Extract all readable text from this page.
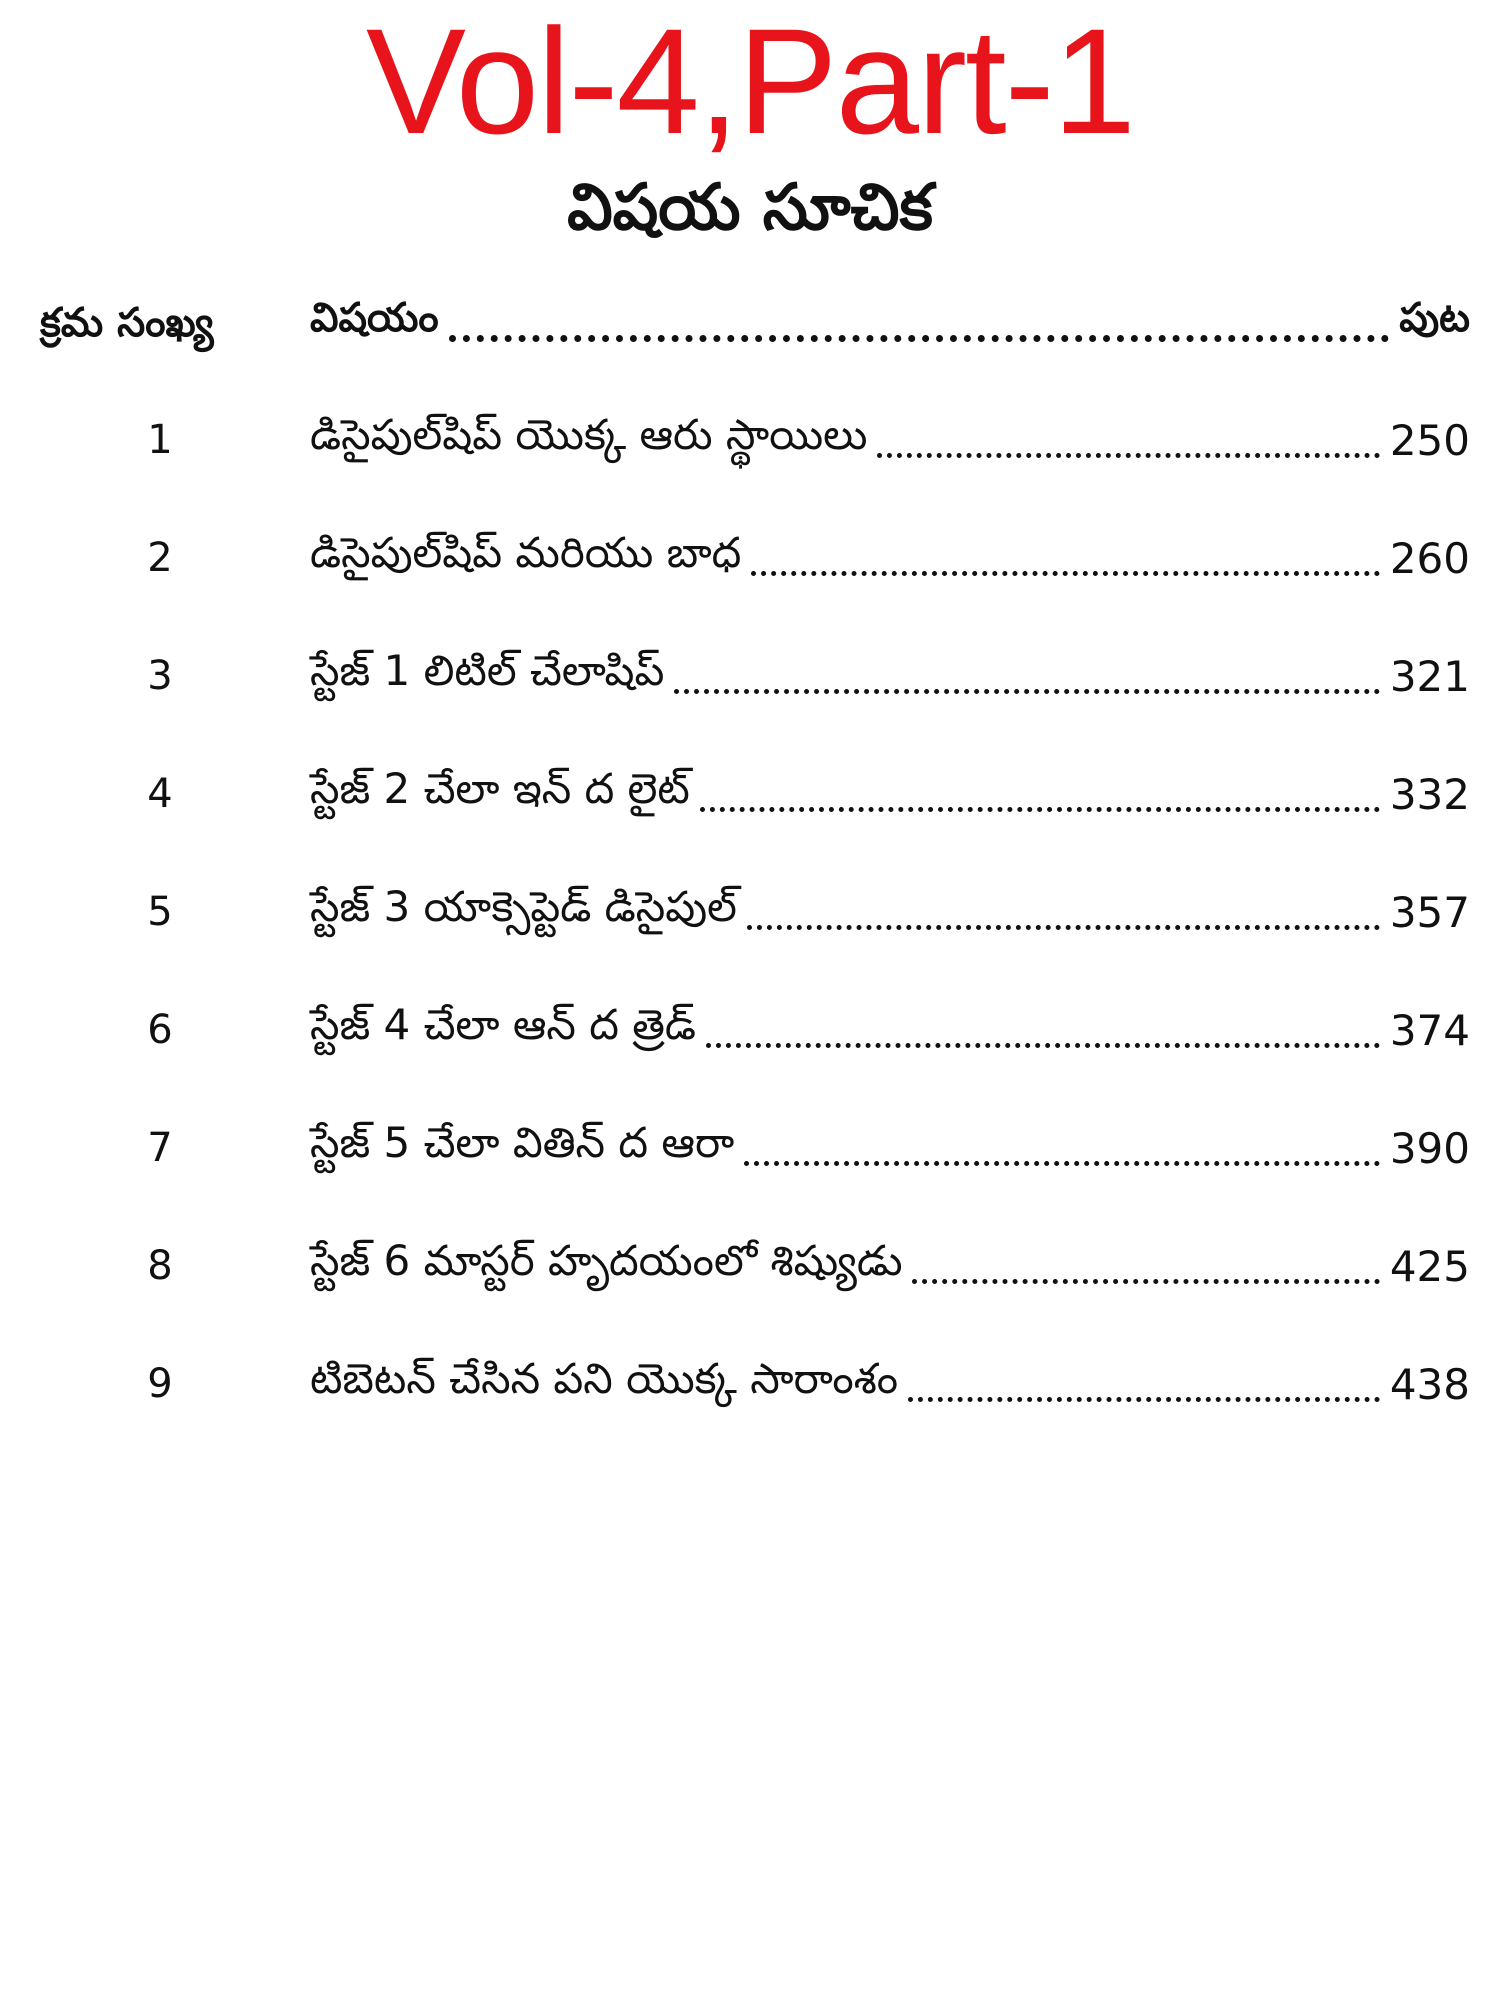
Vol-4,Part-1
విషయ సూచిక
క్రమ సంఖ్య	విషయం	పుట
1	డిసైపుల్‌షిప్ యొక్క ఆరు స్థాయిలు	250
2	డిసైపుల్‌షిప్ మరియు బాధ	260
3	స్టేజ్ 1 లిటిల్ చేలాషిప్	321
4	స్టేజ్ 2 చేలా ఇన్ ద లైట్	332
5	స్టేజ్ 3 యాక్సెప్టెడ్ డిసైపుల్	357
6	స్టేజ్ 4 చేలా ఆన్ ద త్రెడ్	374
7	స్టేజ్ 5 చేలా వితిన్ ద ఆరా	390
8	స్టేజ్ 6 మాస్టర్ హృదయంలో శిష్యుడు	425
9	టిబెటన్ చేసిన పని యొక్క సారాంశం	438
